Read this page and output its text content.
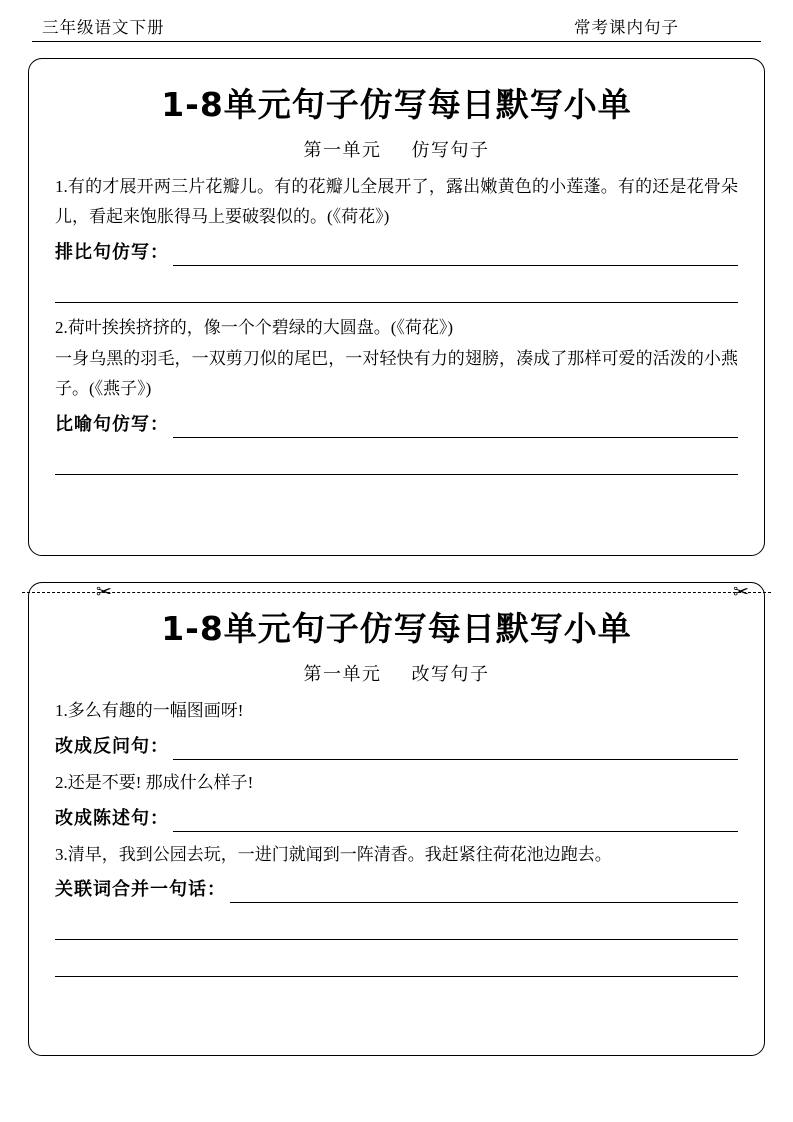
三年级语文下册	常考课内句子
1-8单元句子仿写每日默写小单
第一单元 仿写句子
1.有的才展开两三片花瓣儿。有的花瓣儿全展开了，露出嫩黄色的小莲蓬。有的还是花骨朵儿，看起来饱胀得马上要破裂似的。(《荷花》)
排比句仿写：
2.荷叶挨挨挤挤的，像一个个碧绿的大圆盘。(《荷花》)
一身乌黑的羽毛，一双剪刀似的尾巴，一对轻快有力的翅膀，凑成了那样可爱的活泼的小燕子。(《燕子》)
比喻句仿写：
✂	✂
1-8单元句子仿写每日默写小单
第一单元 改写句子
1.多么有趣的一幅图画呀!
改成反问句：
2.还是不要! 那成什么样子!
改成陈述句：
3.清早，我到公园去玩，一进门就闻到一阵清香。我赶紧往荷花池边跑去。
关联词合并一句话：
